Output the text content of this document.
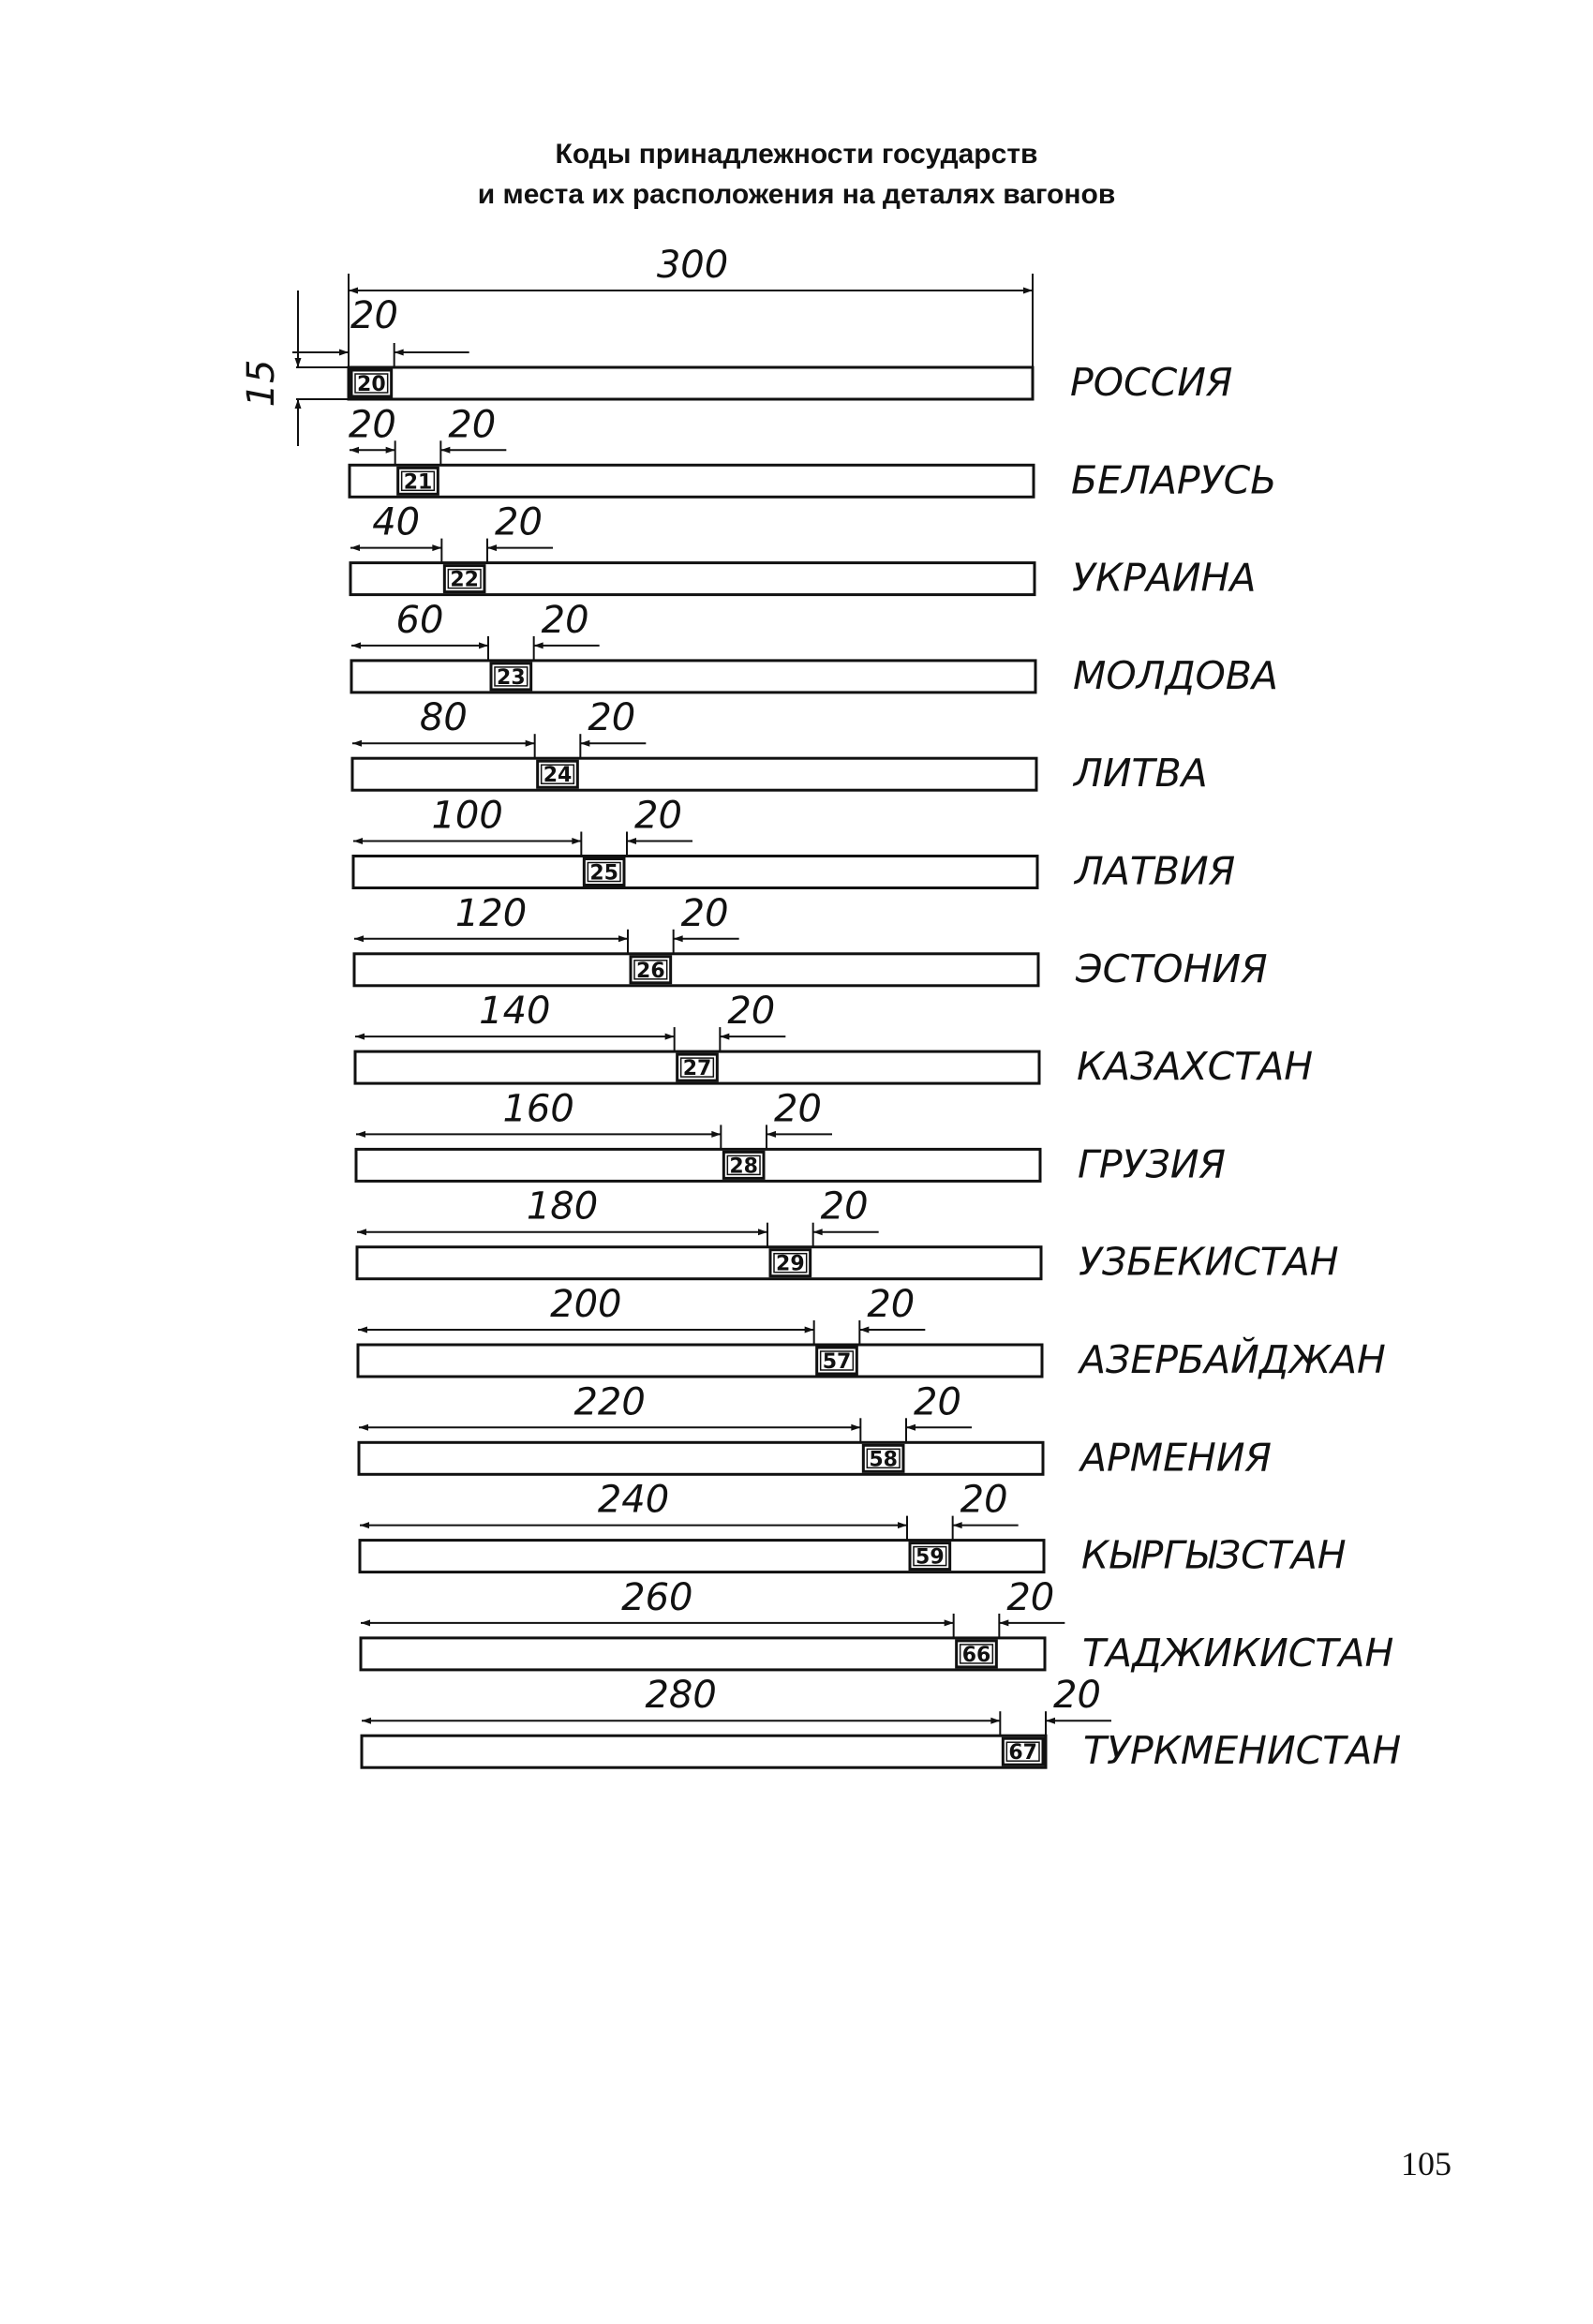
Коды принадлежности государств
и места их расположения на деталях вагонов
300
15	20	РОССИЯ
20
21	БЕЛАРУСЬ
20 20
22	УКРАИНА
40 20
23	МОЛДОВА
60	20
24	ЛИТВА
80	20
25	ЛАТВИЯ
100	20
26	ЭСТОНИЯ
120	20
27	КАЗАХСТАН
140	20
28	ГРУЗИЯ
160	20
29	УЗБЕКИСТАН
180	20
57	АЗЕРБАЙДЖАН
200	20
58	АРМЕНИЯ
220	20
59	КЫРГЫЗСТАН
240	20
66 ТАДЖИКИСТАН
260	20
67 ТУРКМЕНИСТАН
280	20
105
